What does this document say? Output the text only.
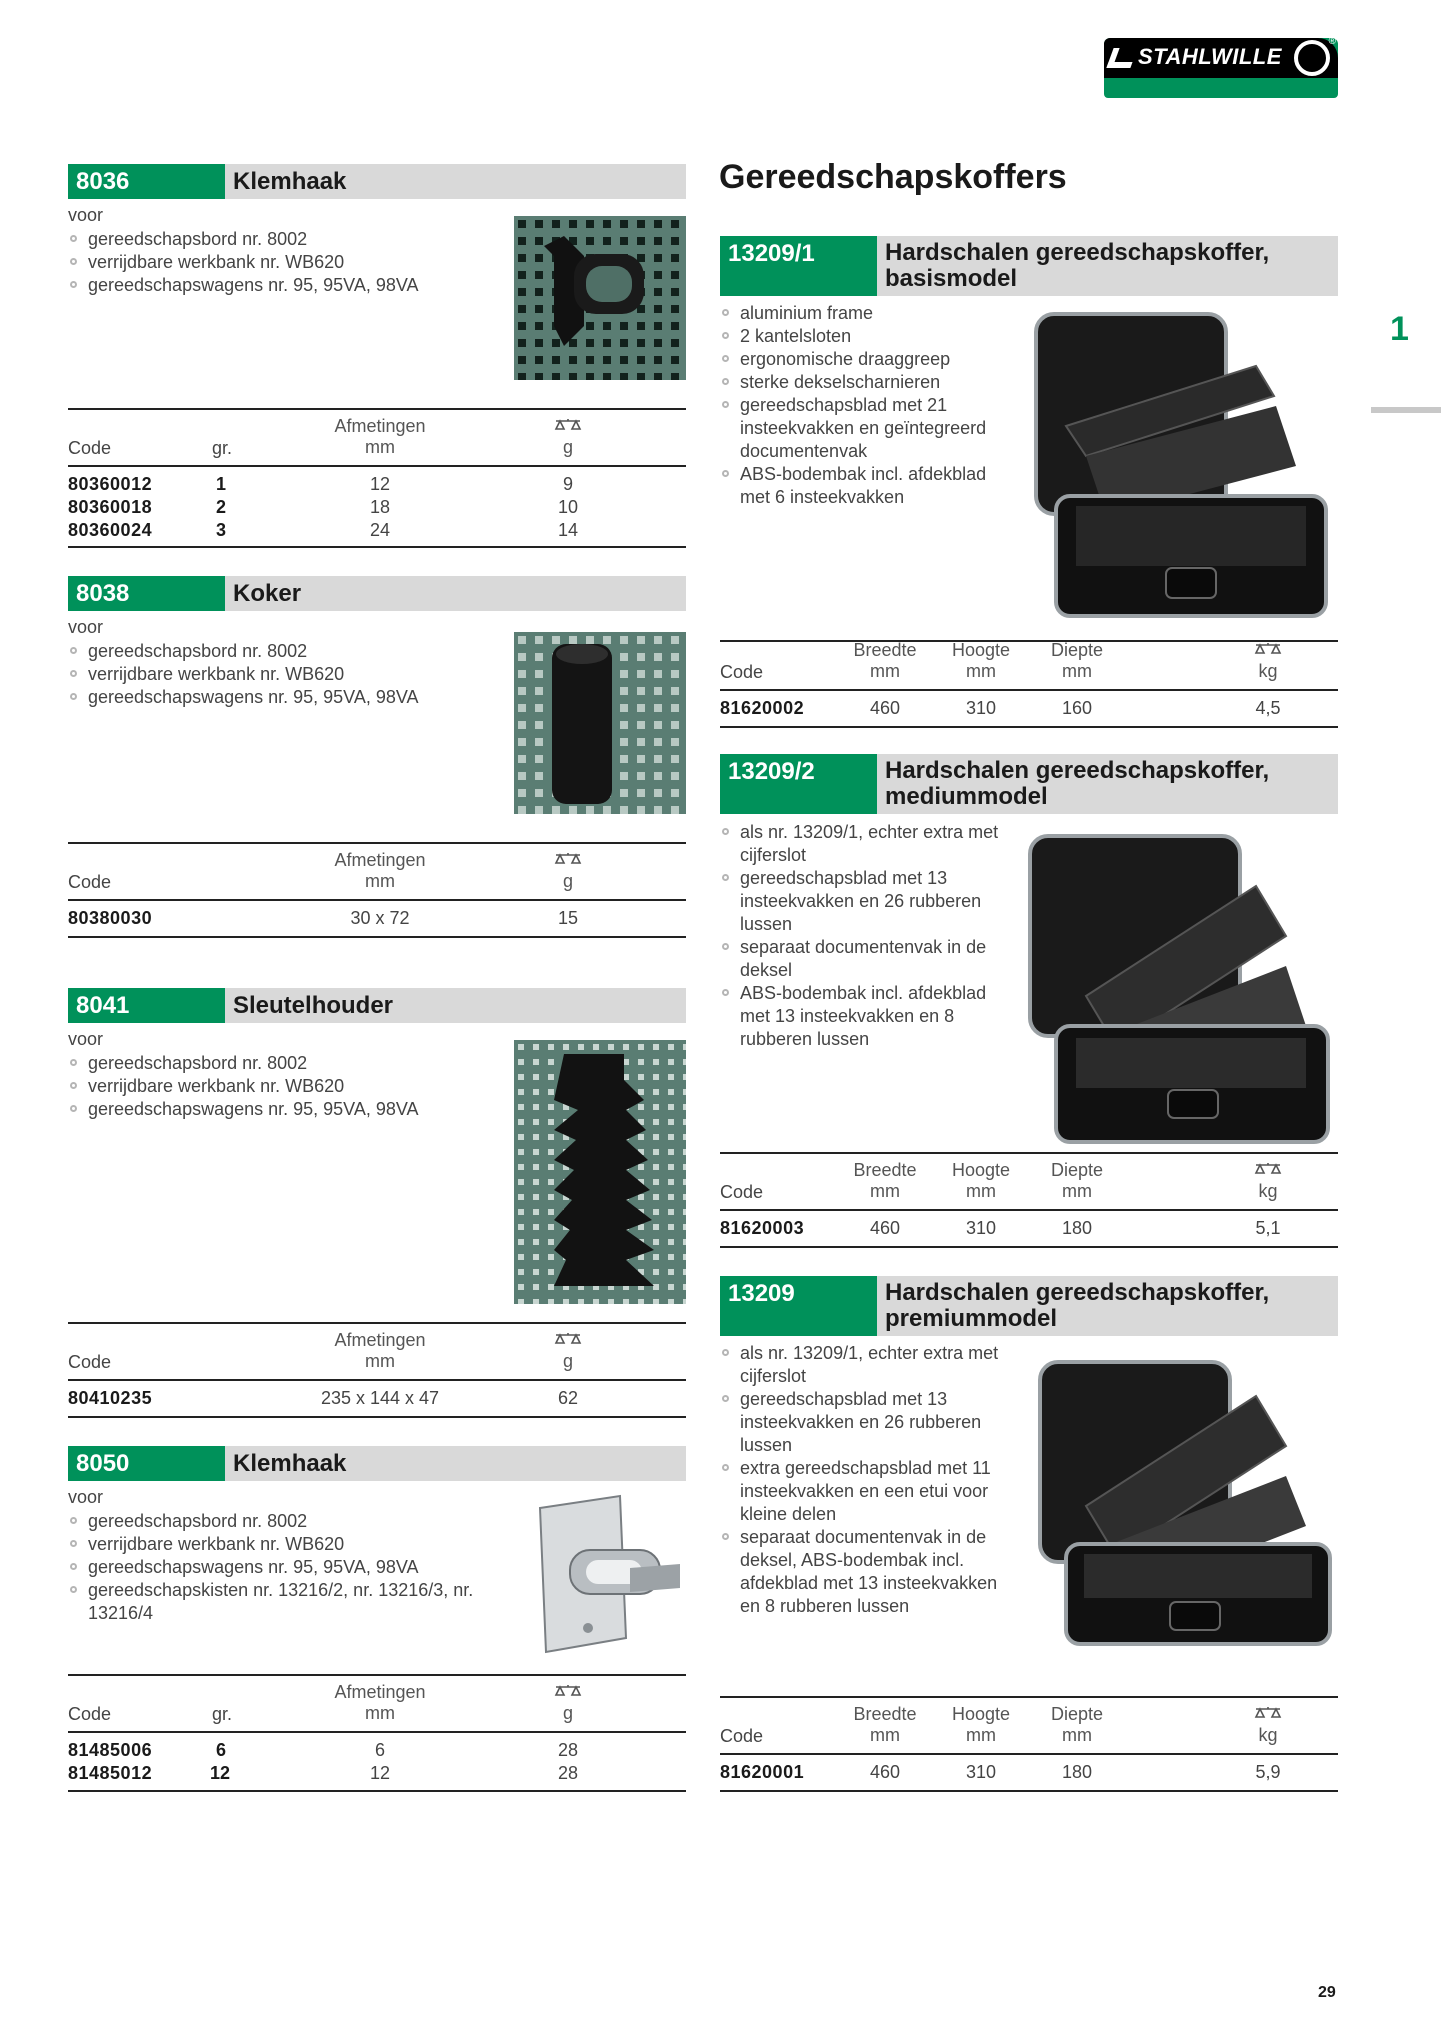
STAHLWILLE
®
1
8036	Klemhaak
voor
gereedschapsbord nr. 8002
verrijdbare werkbank nr. WB620
gereedschapswagens nr. 95, 95VA, 98VA
Afmetingen
mm	g
Code	gr.
80360012	1	12	9
80360018	2	18	10
80360024	3	24	14
8038	Koker
voor
gereedschapsbord nr. 8002
verrijdbare werkbank nr. WB620
gereedschapswagens nr. 95, 95VA, 98VA
Afmetingen
mm	g
Code
80380030	30 x 72	15
8041	Sleutelhouder
voor
gereedschapsbord nr. 8002
verrijdbare werkbank nr. WB620
gereedschapswagens nr. 95, 95VA, 98VA
Afmetingen
mm	g
Code
80410235	235 x 144 x 47	62
8050	Klemhaak
voor
gereedschapsbord nr. 8002
verrijdbare werkbank nr. WB620
gereedschapswagens nr. 95, 95VA, 98VA
gereedschapskisten nr. 13216/2, nr. 13216/3, nr. 13216/4
Afmetingen
mm	g
Code	gr.
81485006	6	6	28
81485012	12	12	28
Gereedschapskoffers
13209/1	Hardschalen gereedschapskoffer,
basismodel
aluminium frame
2 kantelsloten
ergonomische draaggreep
sterke dekselscharnieren
gereedschapsblad met 21 insteekvakken en geïntegreerd documentenvak
ABS-bodembak incl. afdekblad met 6 insteekvakken
Breedte
mm
Hoogte
mm
Diepte
mm	kg
Code
81620002	460	310	160	4,5
13209/2	Hardschalen gereedschapskoffer,
mediummodel
als nr. 13209/1, echter extra met cijferslot
gereedschapsblad met 13 insteekvakken en 26 rubberen lussen
separaat documentenvak in de deksel
ABS-bodembak incl. afdekblad met 13 insteekvakken en 8 rubberen lussen
Breedte
mm
Hoogte
mm
Diepte
mm	kg
Code
81620003	460	310	180	5,1
13209	Hardschalen gereedschapskoffer,
premiummodel
als nr. 13209/1, echter extra met cijferslot
gereedschapsblad met 13 insteekvakken en 26 rubberen lussen
extra gereedschapsblad met 11 insteekvakken en een etui voor kleine delen
separaat documentenvak in de deksel, ABS-bodembak incl. afdekblad met 13 insteekvakken en 8 rubberen lussen
Breedte
mm
Hoogte
mm
Diepte
mm	kg
Code
81620001	460	310	180	5,9
29
